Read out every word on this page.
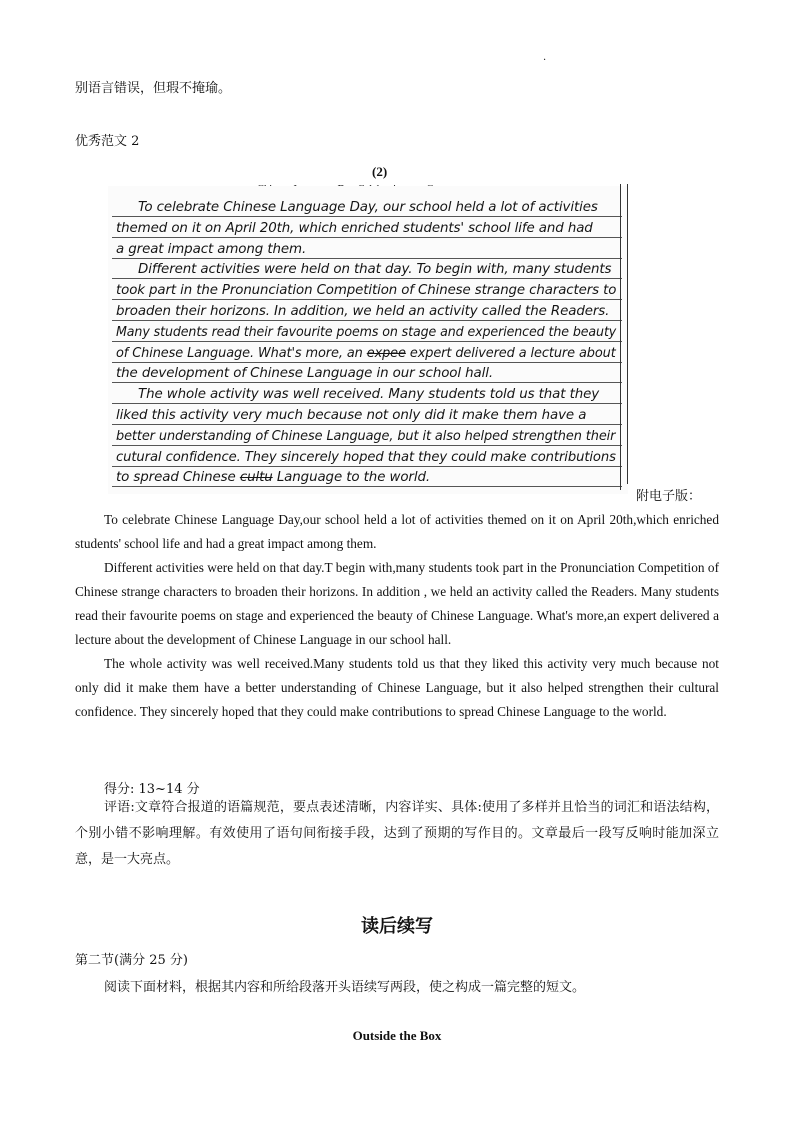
.
别语言错误，但瑕不掩瑜。
优秀范文 2
(2)
To celebrate Chinese Language Day, our school held a lot of activities
themed on it on April 20th, which enriched students' school life and had
a great impact among them.
Different activities were held on that day. To begin with, many students
took part in the Pronunciation Competition of Chinese strange characters to
broaden their horizons. In addition, we held an activity called the Readers.
Many students read their favourite poems on stage and experienced the beauty
of Chinese Language. What's more, an expee expert delivered a lecture about
the development of Chinese Language in our school hall.
The whole activity was well received. Many students told us that they
liked this activity very much because not only did it make them have a
better understanding of Chinese Language, but it also helped strengthen their
cutural confidence. They sincerely hoped that they could make contributions
to spread Chinese cultu Language to the world.
附电子版：

To celebrate Chinese Language Day,our school held a lot of activities themed on it on April 20th,which enriched students' school life and had a great impact among them.

Different activities were held on that day.T begin with,many students took part in the Pronunciation Competition of Chinese strange characters to broaden their horizons. In addition , we held an activity called the Readers. Many students read their favourite poems on stage and experienced the beauty of Chinese Language. What's more,an expert delivered a lecture about the development of Chinese Language in our school hall.

The whole activity was well received.Many students told us that they liked this activity very much because not only did it make them have a better understanding of Chinese Language, but it also helped strengthen their cultural confidence. They sincerely hoped that they could make contributions to spread Chinese Language to the world.

得分: 13~14 分

评语:文章符合报道的语篇规范，要点表述清晰，内容详实、具体:使用了多样并且恰当的词汇和语法结构，个别小错不影响理解。有效使用了语句间衔接手段，达到了预期的写作目的。文章最后一段写反响时能加深立意，是一大亮点。

读后续写
第二节(满分 25 分)
阅读下面材料，根据其内容和所给段落开头语续写两段，使之构成一篇完整的短文。
Outside the Box
